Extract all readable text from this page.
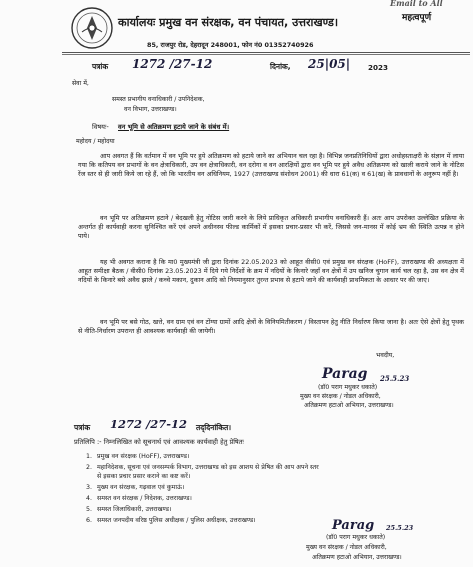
Email to All
महत्वपूर्ण
कार्यालयः प्रमुख वन संरक्षक, वन पंचायत, उत्तराखण्ड।
85, राजपुर रोड, देहरादून 248001, फोन नं0 01352740926
पत्रांक 1272 /27-12	दिनांक, 25|05| 2023
सेवा में,
समस्त प्रभागीय वनाधिकारी / उपनिदेशक,
वन विभाग, उत्तराखण्ड।
विषयः- वन भूमि से अतिक्रमण हटाये जाने के संबंध में।
महोदय / महोदया
आप अवगत हैं कि वर्तमान में वन भूमि पर हुये अतिक्रमण को हटाये जाने का अभियान चल रहा है। विभिन्न जनप्रतिनिधियों द्वारा अधोहस्ताक्षरी के संज्ञान में लाया गया कि कतिपय वन प्रभागों के वन क्षेत्राधिकारी, उप वन क्षेत्राधिकारी, वन दरोगा व वन आरक्षियों द्वारा वन भूमि पर हुये अवैध अतिक्रमण को खाली कराये जाने के नोटिस रेंज स्तर से ही जारी किये जा रहे हैं, जो कि भारतीय वन अधिनियम, 1927 (उत्तराखण्ड संशोधन 2001) की धारा 61(क) व 61(ख) के प्रावधानों के अनुरूप नहीं है।
वन भूमि पर अतिक्रमण हटाने / बेदखली हेतु नोटिस जारी करने के लिये प्राधिकृत अधिकारी प्रभागीय वनाधिकारी हैं। अतः आप उपरोक्त उल्लेखित प्रक्रिया के अन्तर्गत ही कार्यवाही करना सुनिश्चित करें एवं अपने अधीनस्थ फील्ड कार्मिकों में इसका प्रचार-प्रसार भी करें, जिससे जन-मानस में कोई भ्रम की स्थिति उत्पन्न न होने पाये।
यह भी अवगत कराना है कि मा0 मुख्यमंत्री जी द्वारा दिनांक 22.05.2023 को आहूत वीसी0 एवं प्रमुख वन संरक्षक (HoFF), उत्तराखण्ड की अध्यक्षता में आहूत समीक्षा बैठक / वीसी0 दिनांक 23.05.2023 में दिये गये निर्देशों के क्रम में नदियों के किनारे जहाँ वन क्षेत्रों में उप खनिज चुगान कार्य चल रहा है, उस वन क्षेत्र में नदियों के किनारे बसे अवैध झाले / कच्चे मकान, दुकान आदि को नियमानुसार तुरन्त प्रभाव से हटाये जाने की कार्यवाही प्राथमिकता के आधार पर की जाए।
वन भूमि पर बसे गोठ, खत्ते, वन ग्राम एवं वन टोंग्या ग्रामों आदि क्षेत्रों के विनियमितीकरण / विस्तापन हेतु नीति निर्धारण किया जाना है। अतः ऐसे क्षेत्रों हेतु पृथक से नीति-निर्धारण उपरान्त ही आवश्यक कार्यवाही की जायेगी।
भवदीय,
Parag 25.5.23
(डॉ0 पराग मधुकर धकाते)
मुख्य वन संरक्षक / नोडल अधिकारी,
अतिक्रमण हटाओ अभियान, उत्तराखण्ड।
पत्रांक 1272 /27-12 तद्‌दिनांकित।
प्रतिलिपि :- निम्नलिखित को सूचनार्थ एवं आवश्यक कार्यवाही हेतु प्रेषितः
1. प्रमुख वन संरक्षक (HoFF), उत्तराखण्ड।
2. महानिदेशक, सूचना एवं जनसम्पर्क विभाग, उत्तराखण्ड को इस आशय से प्रेषित की आप अपने स्तर
से इसका प्रचार प्रसार कराने का कष्ट करें।
3. मुख्य वन संरक्षक, गढ़वाल एवं कुमाऊं।
4. समस्त वन संरक्षक / निदेशक, उत्तराखण्ड।
5. समस्त जिलाधिकारी, उत्तराखण्ड।
6. समस्त जनपदीय वरिष्ठ पुलिस अधीक्षक / पुलिस अधीक्षक, उत्तराखण्ड।	Parag 25.5.23
(डॉ0 पराग मधुकर धकाते)
मुख्य वन संरक्षक / नोडल अधिकारी,
अतिक्रमण हटाओ अभियान, उत्तराखण्ड।
